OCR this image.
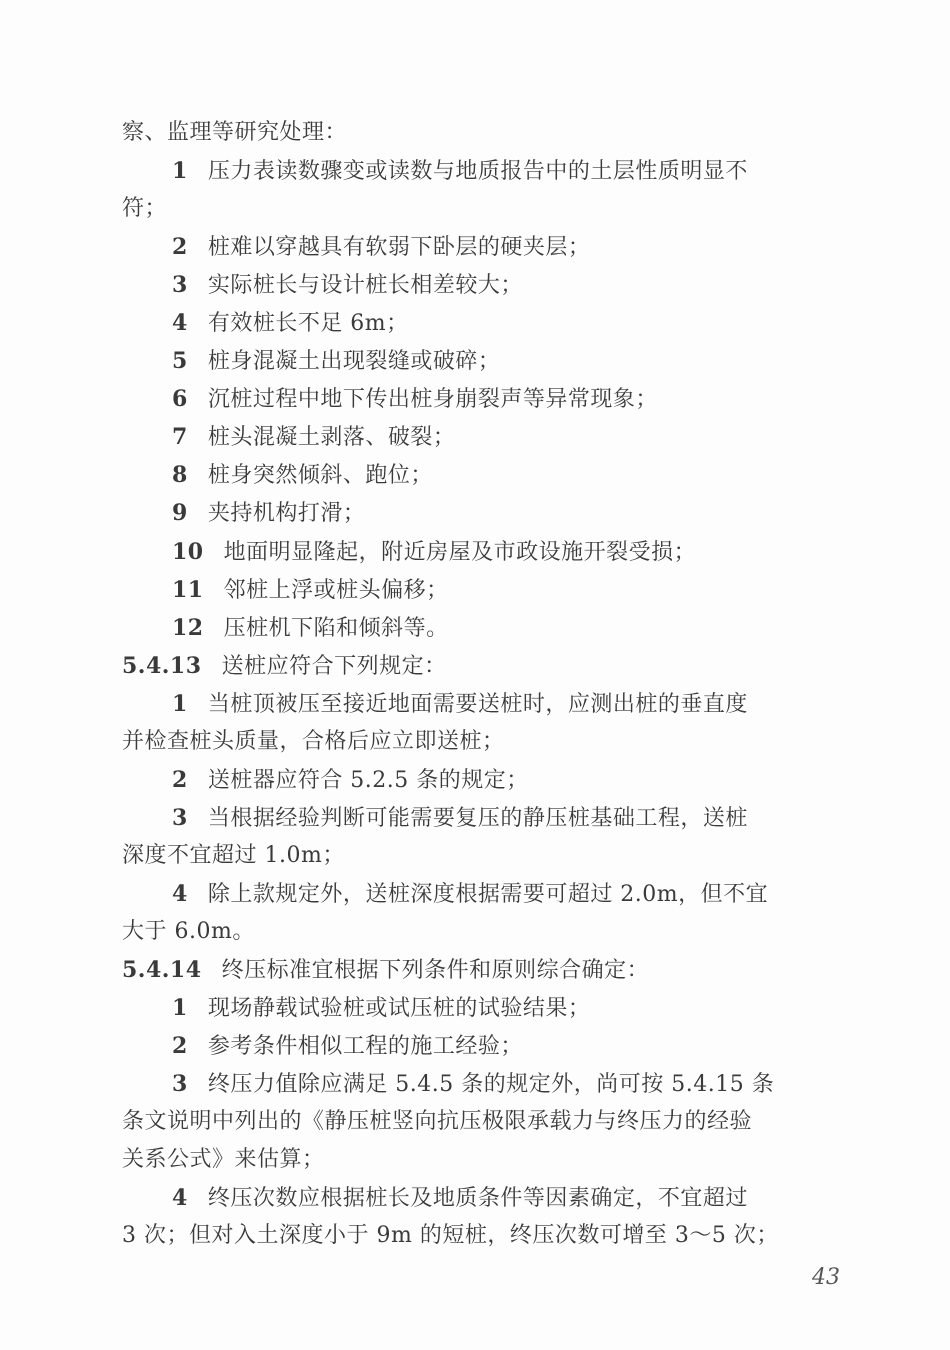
察、监理等研究处理：
1 压力表读数骤变或读数与地质报告中的土层性质明显不
符；
2 桩难以穿越具有软弱下卧层的硬夹层；
3 实际桩长与设计桩长相差较大；
4 有效桩长不足 6m；
5 桩身混凝土出现裂缝或破碎；
6 沉桩过程中地下传出桩身崩裂声等异常现象；
7 桩头混凝土剥落、破裂；
8 桩身突然倾斜、跑位；
9 夹持机构打滑；
10 地面明显隆起，附近房屋及市政设施开裂受损；
11 邻桩上浮或桩头偏移；
12 压桩机下陷和倾斜等。
5.4.13 送桩应符合下列规定：
1 当桩顶被压至接近地面需要送桩时，应测出桩的垂直度
并检查桩头质量，合格后应立即送桩；
2 送桩器应符合 5.2.5 条的规定；
3 当根据经验判断可能需要复压的静压桩基础工程，送桩
深度不宜超过 1.0m；
4 除上款规定外，送桩深度根据需要可超过 2.0m，但不宜
大于 6.0m。
5.4.14 终压标准宜根据下列条件和原则综合确定：
1 现场静载试验桩或试压桩的试验结果；
2 参考条件相似工程的施工经验；
3 终压力值除应满足 5.4.5 条的规定外，尚可按 5.4.15 条
条文说明中列出的《静压桩竖向抗压极限承载力与终压力的经验
关系公式》来估算；
4 终压次数应根据桩长及地质条件等因素确定，不宜超过
3 次；但对入土深度小于 9m 的短桩，终压次数可增至 3～5 次；
43
